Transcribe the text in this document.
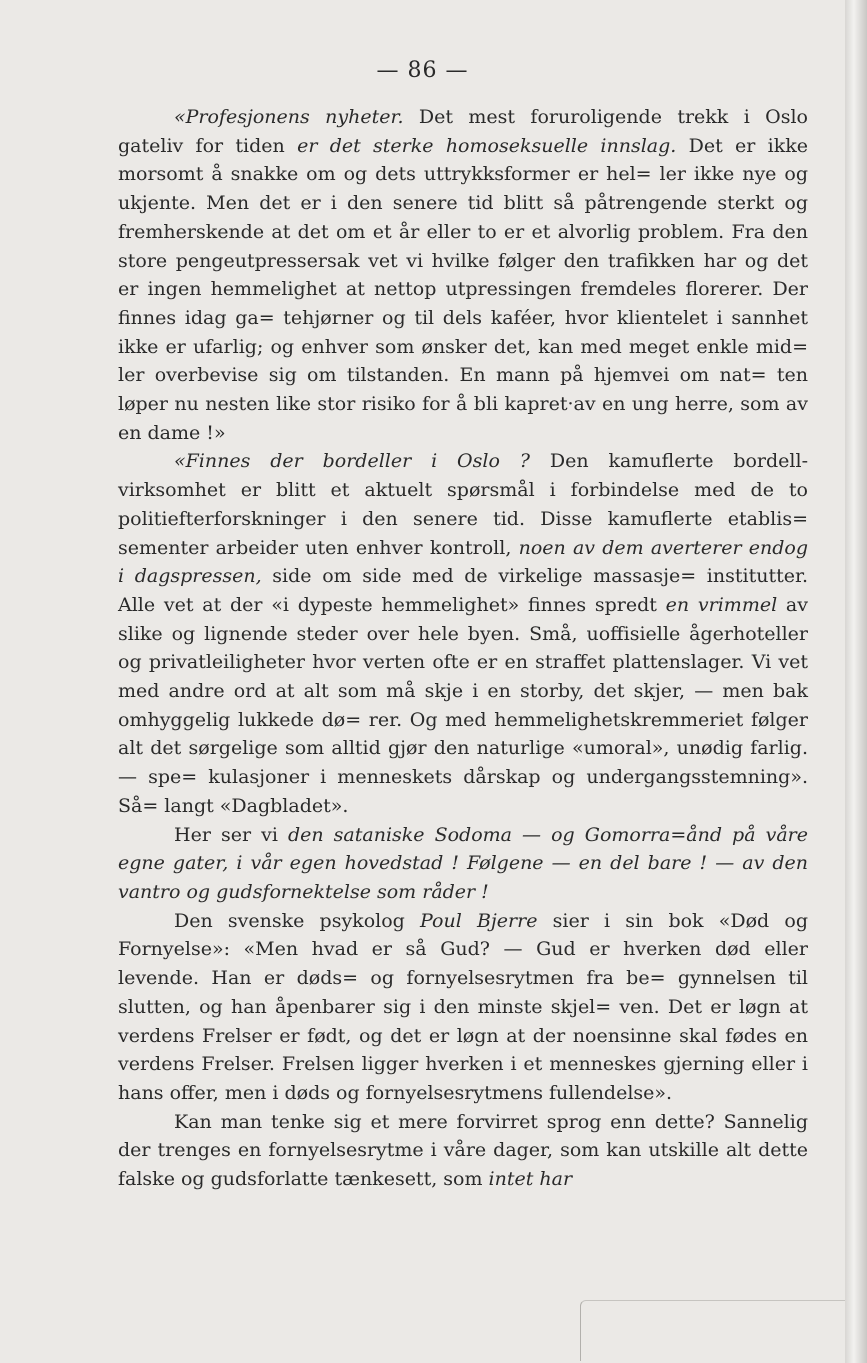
— 86 —

«Profesjonens nyheter. Det mest foruroligende trekk i Oslo gateliv for tiden er det sterke homoseksuelle innslag. Det er ikke morsomt å snakke om og dets uttrykksformer er hel= ler ikke nye og ukjente. Men det er i den senere tid blitt så påtrengende sterkt og fremherskende at det om et år eller to er et alvorlig problem. Fra den store pengeutpressersak vet vi hvilke følger den trafikken har og det er ingen hemmelighet at nettop utpressingen fremdeles florerer. Der finnes idag ga= tehjørner og til dels kaféer, hvor klientelet i sannhet ikke er ufarlig; og enhver som ønsker det, kan med meget enkle mid= ler overbevise sig om tilstanden. En mann på hjemvei om nat= ten løper nu nesten like stor risiko for å bli kapret·av en ung herre, som av en dame !»

«Finnes der bordeller i Oslo ? Den kamuflerte bordell- virksomhet er blitt et aktuelt spørsmål i forbindelse med de to politiefterforskninger i den senere tid. Disse kamuflerte etablis= sementer arbeider uten enhver kontroll, noen av dem averterer endog i dagspressen, side om side med de virkelige massasje= institutter. Alle vet at der «i dypeste hemmelighet» finnes spredt en vrimmel av slike og lignende steder over hele byen. Små, uoffisielle ågerhoteller og privatleiligheter hvor verten ofte er en straffet plattenslager. Vi vet med andre ord at alt som må skje i en storby, det skjer, — men bak omhyggelig lukkede dø= rer. Og med hemmelighetskremmeriet følger alt det sørgelige som alltid gjør den naturlige «umoral», unødig farlig. — spe= kulasjoner i menneskets dårskap og undergangsstemning». Så= langt «Dagbladet».

Her ser vi den sataniske Sodoma — og Gomorra=ånd på våre egne gater, i vår egen hovedstad ! Følgene — en del bare ! — av den vantro og gudsfornektelse som råder !

Den svenske psykolog Poul Bjerre sier i sin bok «Død og Fornyelse»: «Men hvad er så Gud? — Gud er hverken død eller levende. Han er døds= og fornyelsesrytmen fra be= gynnelsen til slutten, og han åpenbarer sig i den minste skjel= ven. Det er løgn at verdens Frelser er født, og det er løgn at der noensinne skal fødes en verdens Frelser. Frelsen ligger hverken i et menneskes gjerning eller i hans offer, men i døds og fornyelsesrytmens fullendelse».

Kan man tenke sig et mere forvirret sprog enn dette? Sannelig der trenges en fornyelsesrytme i våre dager, som kan utskille alt dette falske og gudsforlatte tænkesett, som intet har
